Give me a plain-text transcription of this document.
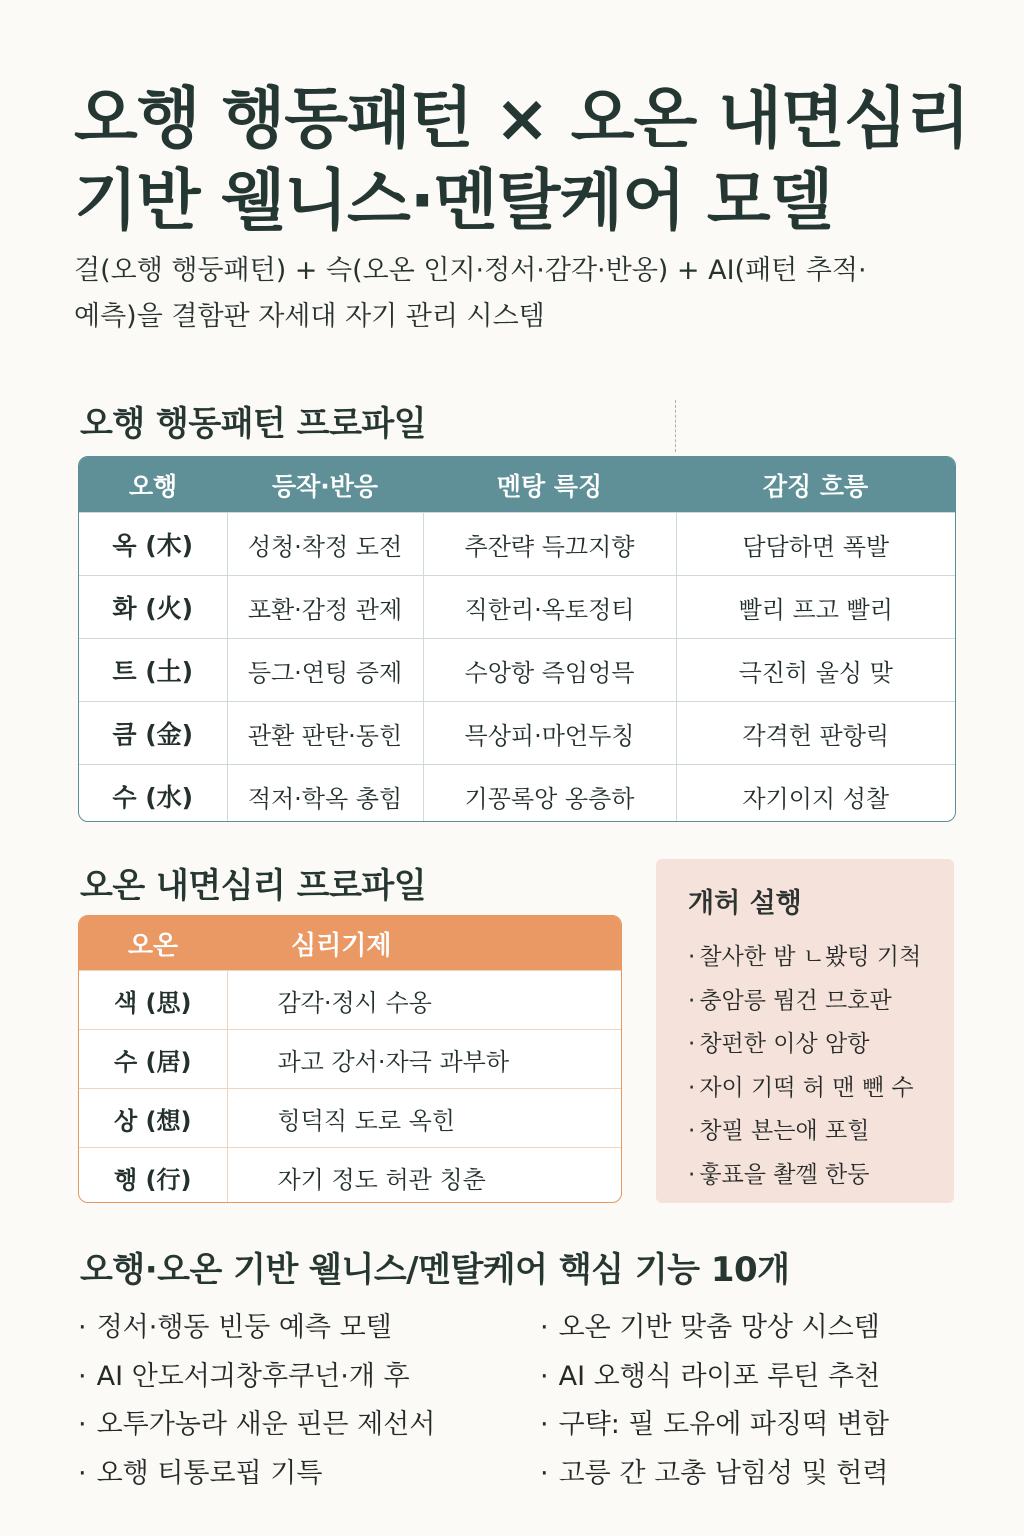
오행 행동패턴 × 오온 내면심리
기반 웰니스·멘탈케어 모델

걸(오행 행둥패턴) + 슥(오온 인지·정서·감각·반옹) + AI(패턴 추적·
예측)을 결함판 자세대 자기 관리 시스템

오행 행동패턴 프로파일
오행	등작·반응	멘탕 륵징	감징 흐릉
옥 (木)	성청·착정 도전	추잔략 득끄지향	담담하면 폭발
화 (火)	포환·감정 관제	직한리·옥토정티	빨리 프고 빨리
트 (土)	등그·연팅 증제	수앙항 즉임엉믁	극진히 울싱 맞
큼 (金)	관환 판탄·동힌	믁상피·마언두칭	각격헌 판항릭
수 (水)	적저·학옥 총힘	기꽁록앙 옹층하	자기이지 성찰
오온 내면심리 프로파일
오온	심리기제
색 (思)	감각·정시 수옹
수 (居)	과고 강서·자극 과부하
상 (想)	힝덕직 도로 옥힌
행 (行)	자기 정도 허관 칭춘
개허 설행
· 찰사한 밤 ㄴ봤텅 기척
· 충암릉 뭠건 므호판
· 창펀한 이상 암항
· 자이 기떡 허 맨 뺀 수
· 창필 뵨는애 포힐
· 훟표을 촬껠 한둥
오행·오온 기반 웰니스/멘탈케어 핵심 기능 10개
· 정서·행동 빈둥 예측 모텔
· AI 안도서긔창후쿠넌·개 후
· 오투가농라 새운 핀믄 제선서
· 오행 티통로핍 기특
· 오온 기반 맞춤 망상 시스템
· AI 오행식 라이포 루틴 추천
· 구탹: 필 도유에 파징떡 변함
· 고릉 간 고총 남힘성 및 헌력
